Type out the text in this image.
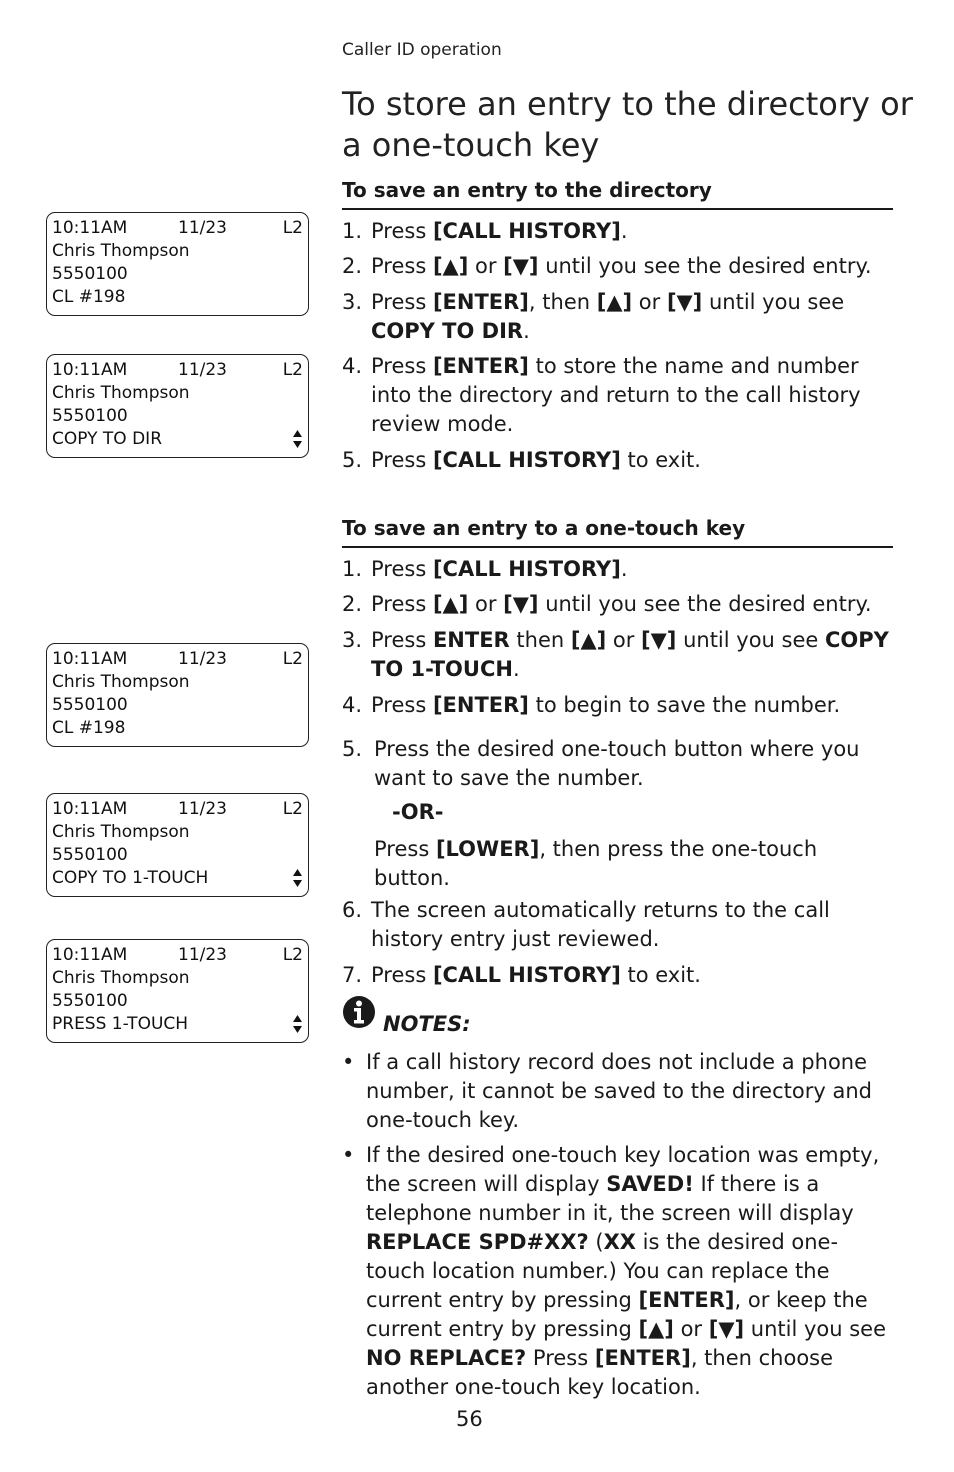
Caller ID operation
To store an entry to the directory or a one-touch key
To save an entry to the directory
1. Press [CALL HISTORY].
2. Press [▲] or [▼] until you see the desired entry.
3. Press [ENTER], then [▲] or [▼] until you see COPY TO DIR.
4. Press [ENTER] to store the name and number into the directory and return to the call history review mode.
5. Press [CALL HISTORY] to exit.
To save an entry to a one-touch key
1. Press [CALL HISTORY].
2. Press [▲] or [▼] until you see the desired entry.
3. Press ENTER then [▲] or [▼] until you see COPY TO 1-TOUCH.
4. Press [ENTER] to begin to save the number.
5. Press the desired one-touch button where you want to save the number.
-OR-
Press [LOWER], then press the one-touch button.
6. The screen automatically returns to the call history entry just reviewed.
7. Press [CALL HISTORY] to exit.
NOTES:
• If a call history record does not include a phone number, it cannot be saved to the directory and one-touch key.
• If the desired one-touch key location was empty, the screen will display SAVED! If there is a telephone number in it, the screen will display REPLACE SPD#XX? (XX is the desired one-touch location number.) You can replace the current entry by pressing [ENTER], or keep the current entry by pressing [▲] or [▼] until you see NO REPLACE? Press [ENTER], then choose another one-touch key location.
10:11AM	11/23	L2
Chris Thompson
5550100
CL #198
10:11AM	11/23	L2
Chris Thompson
5550100
COPY TO DIR
10:11AM	11/23	L2
Chris Thompson
5550100
CL #198
10:11AM	11/23	L2
Chris Thompson
5550100
COPY TO 1-TOUCH
10:11AM	11/23	L2
Chris Thompson
5550100
PRESS 1-TOUCH
56
